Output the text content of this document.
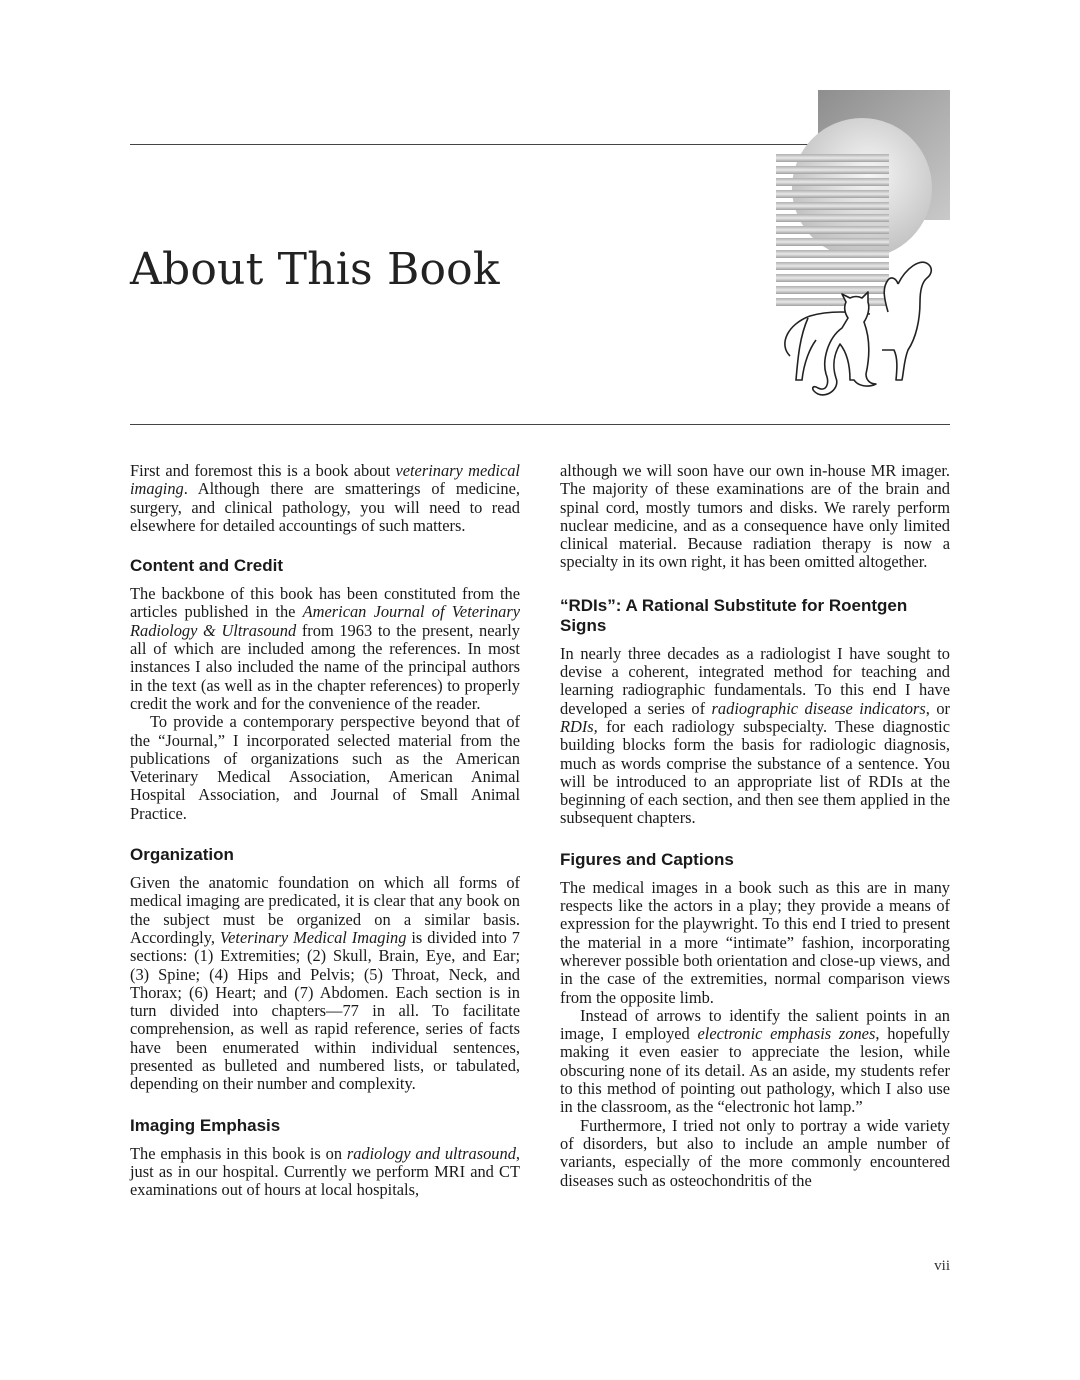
About This Book

First and foremost this is a book about veterinary medical imaging. Although there are smatterings of medicine, surgery, and clinical pathology, you will need to read elsewhere for detailed accountings of such matters.

Content and Credit

The backbone of this book has been constituted from the articles published in the American Journal of Veterinary Radiology & Ultrasound from 1963 to the present, nearly all of which are included among the references. In most instances I also included the name of the principal authors in the text (as well as in the chapter references) to properly credit the work and for the convenience of the reader.

To provide a contemporary perspective beyond that of the “Journal,” I incorporated selected material from the publications of organizations such as the American Veterinary Medical Association, American Animal Hospital Association, and Journal of Small Animal Practice.

Organization

Given the anatomic foundation on which all forms of medical imaging are predicated, it is clear that any book on the subject must be organized on a similar basis. Accordingly, Veterinary Medical Imaging is divided into 7 sections: (1) Extremities; (2) Skull, Brain, Eye, and Ear; (3) Spine; (4) Hips and Pelvis; (5) Throat, Neck, and Thorax; (6) Heart; and (7) Abdomen. Each section is in turn divided into chapters—77 in all. To facilitate comprehension, as well as rapid reference, series of facts have been enumerated within individual sentences, presented as bulleted and numbered lists, or tabulated, depending on their number and complexity.

Imaging Emphasis

The emphasis in this book is on radiology and ultrasound, just as in our hospital. Currently we perform MRI and CT examinations out of hours at local hospitals,

although we will soon have our own in-house MR imager. The majority of these examinations are of the brain and spinal cord, mostly tumors and disks. We rarely perform nuclear medicine, and as a consequence have only limited clinical material. Because radiation therapy is now a specialty in its own right, it has been omitted altogether.

“RDIs”: A Rational Substitute for Roentgen Signs

In nearly three decades as a radiologist I have sought to devise a coherent, integrated method for teaching and learning radiographic fundamentals. To this end I have developed a series of radiographic disease indicators, or RDIs, for each radiology subspecialty. These diagnostic building blocks form the basis for radiologic diagnosis, much as words comprise the substance of a sentence. You will be introduced to an appropriate list of RDIs at the beginning of each section, and then see them applied in the subsequent chapters.

Figures and Captions

The medical images in a book such as this are in many respects like the actors in a play; they provide a means of expression for the playwright. To this end I tried to present the material in a more “intimate” fashion, incorporating wherever possible both orientation and close-up views, and in the case of the extremities, normal comparison views from the opposite limb.

Instead of arrows to identify the salient points in an image, I employed electronic emphasis zones, hopefully making it even easier to appreciate the lesion, while obscuring none of its detail. As an aside, my students refer to this method of pointing out pathology, which I also use in the classroom, as the “electronic hot lamp.”

Furthermore, I tried not only to portray a wide variety of disorders, but also to include an ample number of variants, especially of the more commonly encountered diseases such as osteochondritis of the

vii
